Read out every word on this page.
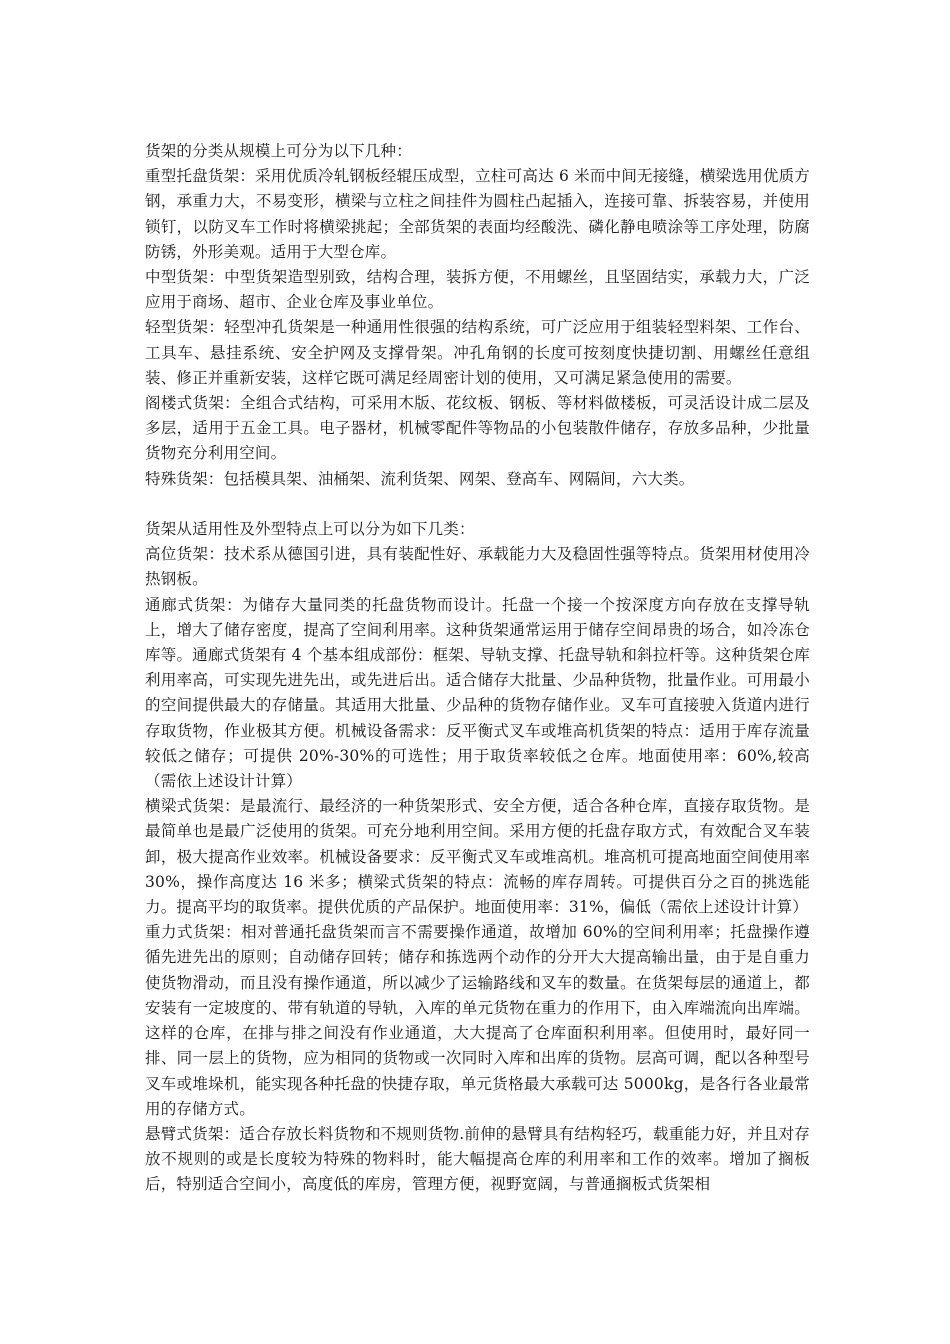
货架的分类从规模上可分为以下几种：

重型托盘货架：采用优质冷轧钢板经辊压成型，立柱可高达 6 米而中间无接缝，横梁选用优质方钢，承重力大，不易变形，横梁与立柱之间挂件为圆柱凸起插入，连接可靠、拆装容易，并使用锁钉，以防叉车工作时将横梁挑起；全部货架的表面均经酸洗、磷化静电喷涂等工序处理，防腐防锈，外形美观。适用于大型仓库。

中型货架：中型货架造型别致，结构合理，装拆方便，不用螺丝，且坚固结实，承载力大，广泛应用于商场、超市、企业仓库及事业单位。

轻型货架：轻型冲孔货架是一种通用性很强的结构系统，可广泛应用于组装轻型料架、工作台、工具车、悬挂系统、安全护网及支撑骨架。冲孔角钢的长度可按刻度快捷切割、用螺丝任意组装、修正并重新安装，这样它既可满足经周密计划的使用，又可满足紧急使用的需要。

阁楼式货架：全组合式结构，可采用木版、花纹板、钢板、等材料做楼板，可灵活设计成二层及多层，适用于五金工具。电子器材，机械零配件等物品的小包装散件储存，存放多品种，少批量货物充分利用空间。

特殊货架：包括模具架、油桶架、流利货架、网架、登高车、网隔间，六大类。

货架从适用性及外型特点上可以分为如下几类：

高位货架：技术系从德国引进，具有装配性好、承载能力大及稳固性强等特点。货架用材使用冷热钢板。

通廊式货架：为储存大量同类的托盘货物而设计。托盘一个接一个按深度方向存放在支撑导轨上，增大了储存密度，提高了空间利用率。这种货架通常运用于储存空间昂贵的场合，如冷冻仓库等。通廊式货架有 4 个基本组成部份：框架、导轨支撑、托盘导轨和斜拉杆等。这种货架仓库利用率高，可实现先进先出，或先进后出。适合储存大批量、少品种货物，批量作业。可用最小的空间提供最大的存储量。其适用大批量、少品种的货物存储作业。叉车可直接驶入货道内进行存取货物，作业极其方便。机械设备需求：反平衡式叉车或堆高机货架的特点：适用于库存流量较低之储存；可提供 20%-30%的可选性；用于取货率较低之仓库。地面使用率：60%,较高（需依上述设计计算）

横梁式货架：是最流行、最经济的一种货架形式、安全方便，适合各种仓库，直接存取货物。是最简单也是最广泛使用的货架。可充分地利用空间。采用方便的托盘存取方式，有效配合叉车装卸，极大提高作业效率。机械设备要求：反平衡式叉车或堆高机。堆高机可提高地面空间使用率 30%，操作高度达 16 米多；横梁式货架的特点：流畅的库存周转。可提供百分之百的挑选能力。提高平均的取货率。提供优质的产品保护。地面使用率：31%，偏低（需依上述设计计算）

重力式货架：相对普通托盘货架而言不需要操作通道，故增加 60%的空间利用率；托盘操作遵循先进先出的原则；自动储存回转；储存和拣选两个动作的分开大大提高输出量，由于是自重力使货物滑动，而且没有操作通道，所以减少了运输路线和叉车的数量。在货架每层的通道上，都安装有一定坡度的、带有轨道的导轨，入库的单元货物在重力的作用下，由入库端流向出库端。这样的仓库，在排与排之间没有作业通道，大大提高了仓库面积利用率。但使用时，最好同一排、同一层上的货物，应为相同的货物或一次同时入库和出库的货物。层高可调，配以各种型号叉车或堆垛机，能实现各种托盘的快捷存取，单元货格最大承载可达 5000kg，是各行各业最常用的存储方式。

悬臂式货架：适合存放长料货物和不规则货物.前伸的悬臂具有结构轻巧，载重能力好，并且对存放不规则的或是长度较为特殊的物料时，能大幅提高仓库的利用率和工作的效率。增加了搁板后，特别适合空间小，高度低的库房，管理方便，视野宽阔，与普通搁板式货架相
